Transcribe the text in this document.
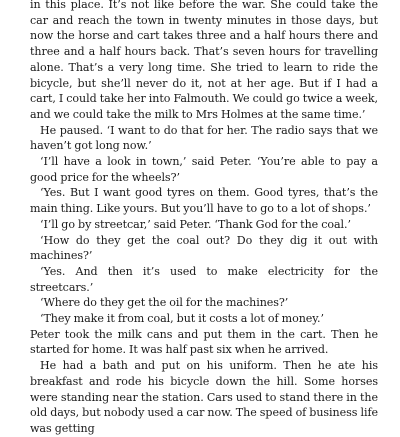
in this place. It’s not like before the war. She could take the car and reach the town in twenty minutes in those days, but now the horse and cart takes three and a half hours there and three and a half hours back. That’s seven hours for travelling alone. That’s a very long time. She tried to learn to ride the bicycle, but she’ll never do it, not at her age. But if I had a cart, I could take her into Falmouth. We could go twice a week, and we could take the milk to Mrs Holmes at the same time.’

He paused. ‘I want to do that for her. The radio says that we haven’t got long now.’

‘I’ll have a look in town,’ said Peter. ‘You’re able to pay a good price for the wheels?’

‘Yes. But I want good tyres on them. Good tyres, that’s the main thing. Like yours. But you’ll have to go to a lot of shops.’

‘I’ll go by streetcar,’ said Peter. ‘Thank God for the coal.’

‘How do they get the coal out? Do they dig it out with machines?’

‘Yes. And then it’s used to make electricity for the streetcars.’

‘Where do they get the oil for the machines?’

‘They make it from coal, but it costs a lot of money.’

Peter took the milk cans and put them in the cart. Then he started for home. It was half past six when he arrived.

He had a bath and put on his uniform. Then he ate his breakfast and rode his bicycle down the hill. Some horses were standing near the station. Cars used to stand there in the old days, but nobody used a car now. The speed of business life was getting
